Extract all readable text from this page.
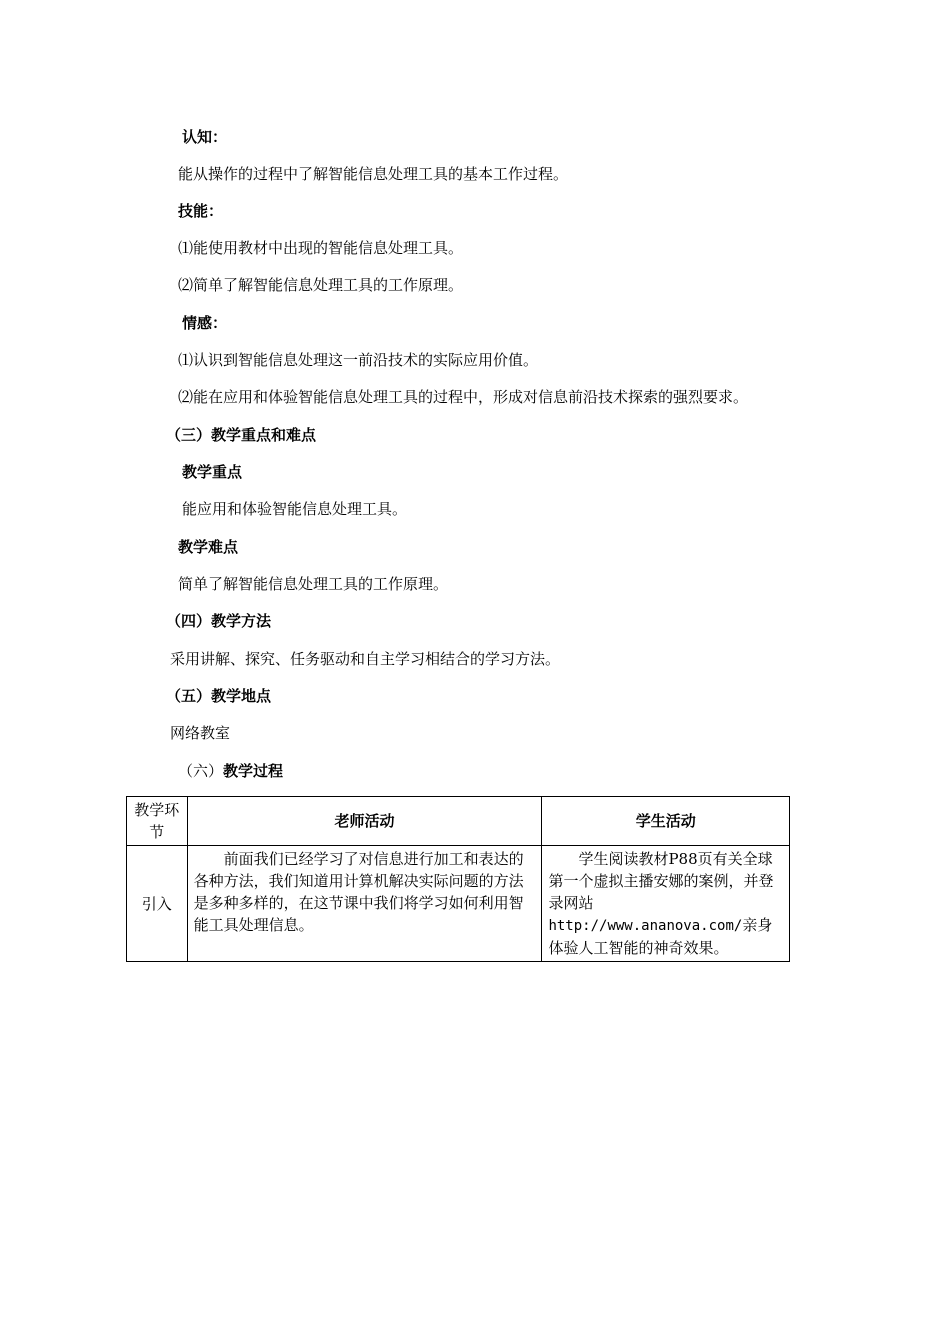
认知：
能从操作的过程中了解智能信息处理工具的基本工作过程。
技能：
⑴能使用教材中出现的智能信息处理工具。
⑵简单了解智能信息处理工具的工作原理。
情感：
⑴认识到智能信息处理这一前沿技术的实际应用价值。
⑵能在应用和体验智能信息处理工具的过程中，形成对信息前沿技术探索的强烈要求。
（三）教学重点和难点
教学重点
能应用和体验智能信息处理工具。
教学难点
简单了解智能信息处理工具的工作原理。
（四）教学方法
采用讲解、探究、任务驱动和自主学习相结合的学习方法。
（五）教学地点
网络教室
（六）教学过程
教学环节	老师活动	学生活动
引入	前面我们已经学习了对信息进行加工和表达的各种方法，我们知道用计算机解决实际问题的方法是多种多样的，在这节课中我们将学习如何利用智能工具处理信息。	学生阅读教材P88页有关全球第一个虚拟主播安娜的案例，并登录网站http://www.ananova.com/亲身体验人工智能的神奇效果。
